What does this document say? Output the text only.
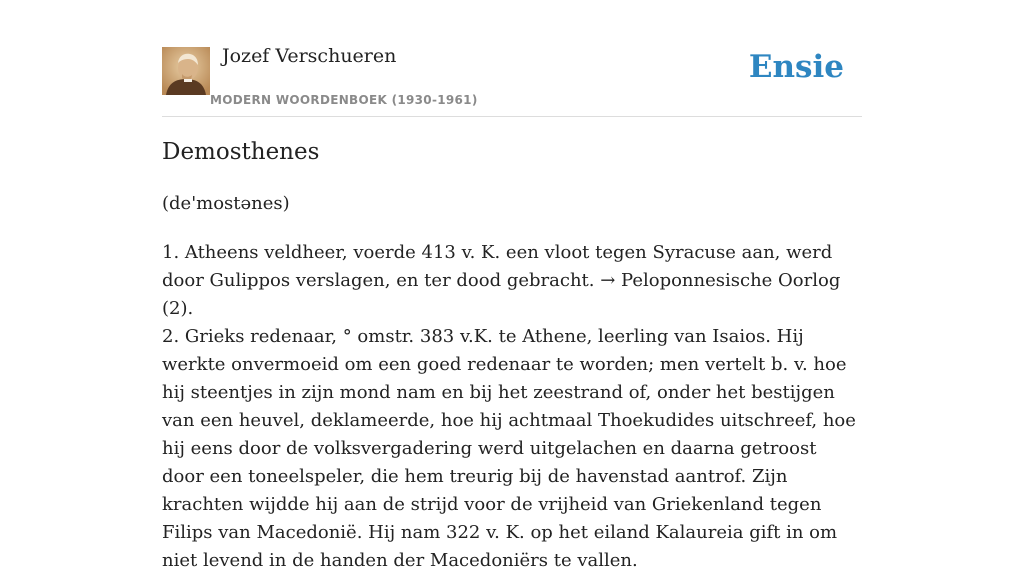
Jozef Verschueren
MODERN WOORDENBOEK (1930-1961)
Ensie
Demosthenes
(de'mostənes)

1. Atheens veldheer, voerde 413 v. K. een vloot tegen Syracuse aan, werd door Gulippos verslagen, en ter dood gebracht. → Peloponnesische Oorlog (2).

2. Grieks redenaar, ° omstr. 383 v.K. te Athene, leerling van Isaios. Hij werkte onvermoeid om een goed redenaar te worden; men vertelt b. v. hoe hij steentjes in zijn mond nam en bij het zeestrand of, onder het bestijgen van een heuvel, deklameerde, hoe hij achtmaal Thoekudides uitschreef, hoe hij eens door de volksvergadering werd uitgelachen en daarna getroost door een toneelspeler, die hem treurig bij de havenstad aantrof. Zijn krachten wijdde hij aan de strijd voor de vrijheid van Griekenland tegen Filips van Macedonië. Hij nam 322 v. K. op het eiland Kalaureia gift in om niet levend in de handen der Macedoniërs te vallen.
